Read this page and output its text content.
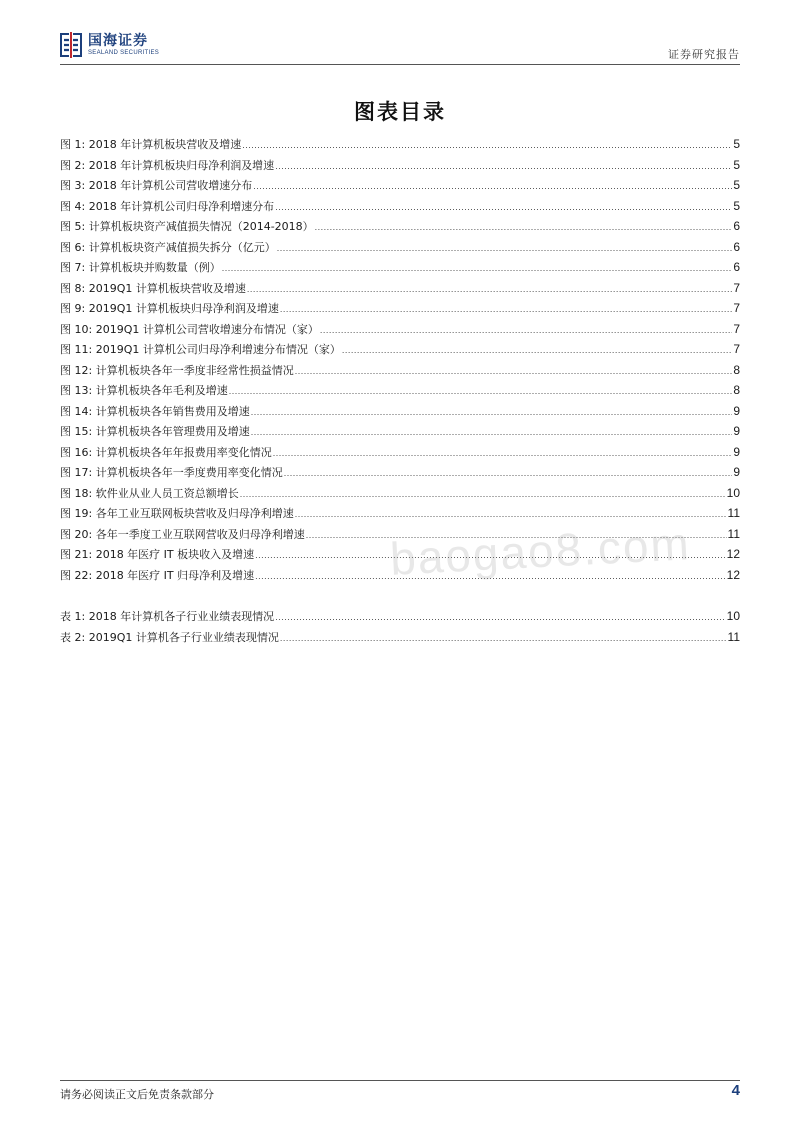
国海证券
SEALAND SECURITIES	证券研究报告
图表目录
图 1: 2018 年计算机板块营收及增速 .....	5
图 2: 2018 年计算机板块归母净利润及增速 .....	5
图 3: 2018 年计算机公司营收增速分布 .....	5
图 4: 2018 年计算机公司归母净利增速分布 .....	5
图 5: 计算机板块资产减值损失情况（2014-2018） .....	6
图 6: 计算机板块资产减值损失拆分（亿元） .....	6
图 7: 计算机板块并购数量（例） .....	6
图 8: 2019Q1 计算机板块营收及增速 .....	7
图 9: 2019Q1 计算机板块归母净利润及增速 .....	7
图 10: 2019Q1 计算机公司营收增速分布情况（家） .....	7
图 11: 2019Q1 计算机公司归母净利增速分布情况（家） .....	7
图 12: 计算机板块各年一季度非经常性损益情况 .....	8
图 13: 计算机板块各年毛利及增速 .....	8
图 14: 计算机板块各年销售费用及增速 .....	9
图 15: 计算机板块各年管理费用及增速 .....	9
图 16: 计算机板块各年年报费用率变化情况 .....	9
图 17: 计算机板块各年一季度费用率变化情况 .....	9
图 18: 软件业从业人员工资总额增长 .....	10
图 19: 各年工业互联网板块营收及归母净利增速 .....	11
图 20: 各年一季度工业互联网营收及归母净利增速 .....	11
图 21: 2018 年医疗 IT 板块收入及增速 .....	12
图 22: 2018 年医疗 IT 归母净利及增速 .....	12
表 1: 2018 年计算机各子行业业绩表现情况 .....	10
表 2: 2019Q1 计算机各子行业业绩表现情况 .....	11
baogao8.com
请务必阅读正文后免责条款部分	4
